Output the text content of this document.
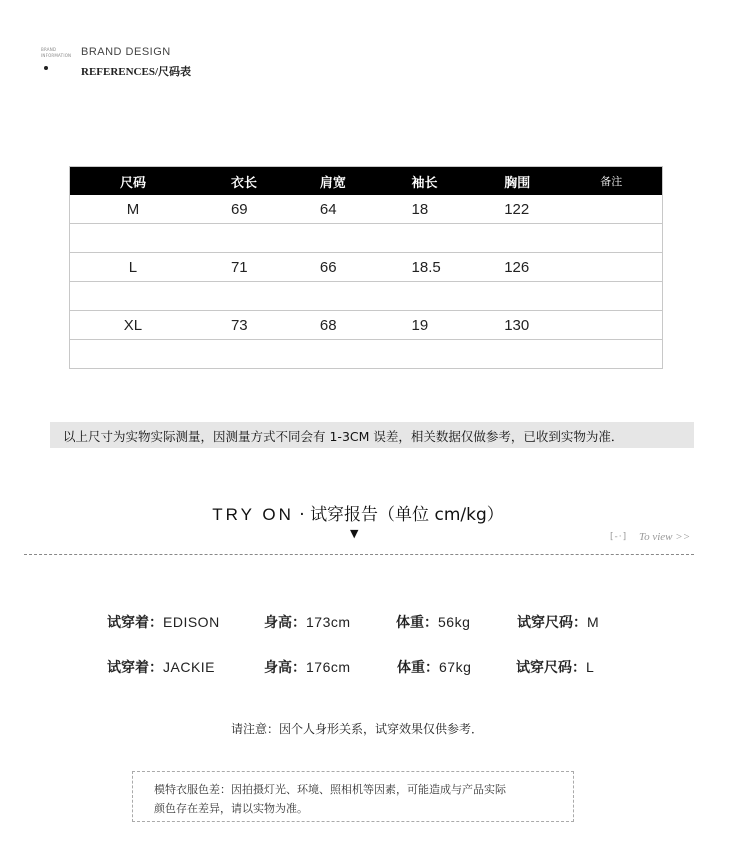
BRAND
INFORMATION BRAND DESIGN
REFERENCES/尺码表
尺码	衣长	肩宽	袖长	胸围	备注
M	69	64	18	122	

L	71	66	18.5	126	

XL	73	68	19	130	

以上尺寸为实物实际测量，因测量方式不同会有 1-3CM 误差，相关数据仅做参考，已收到实物为准．
TRY ON · 试穿报告（单位 cm/kg）
▼	[-·] To view >>
试穿着：EDISON	身高：173cm	体重：56kg	试穿尺码：M
试穿着：JACKIE	身高：176cm	体重：67kg	试穿尺码：L
请注意：因个人身形关系，试穿效果仅供参考．
模特衣服色差：因拍摄灯光、环境、照相机等因素，可能造成与产品实际
颜色存在差异，请以实物为准。
